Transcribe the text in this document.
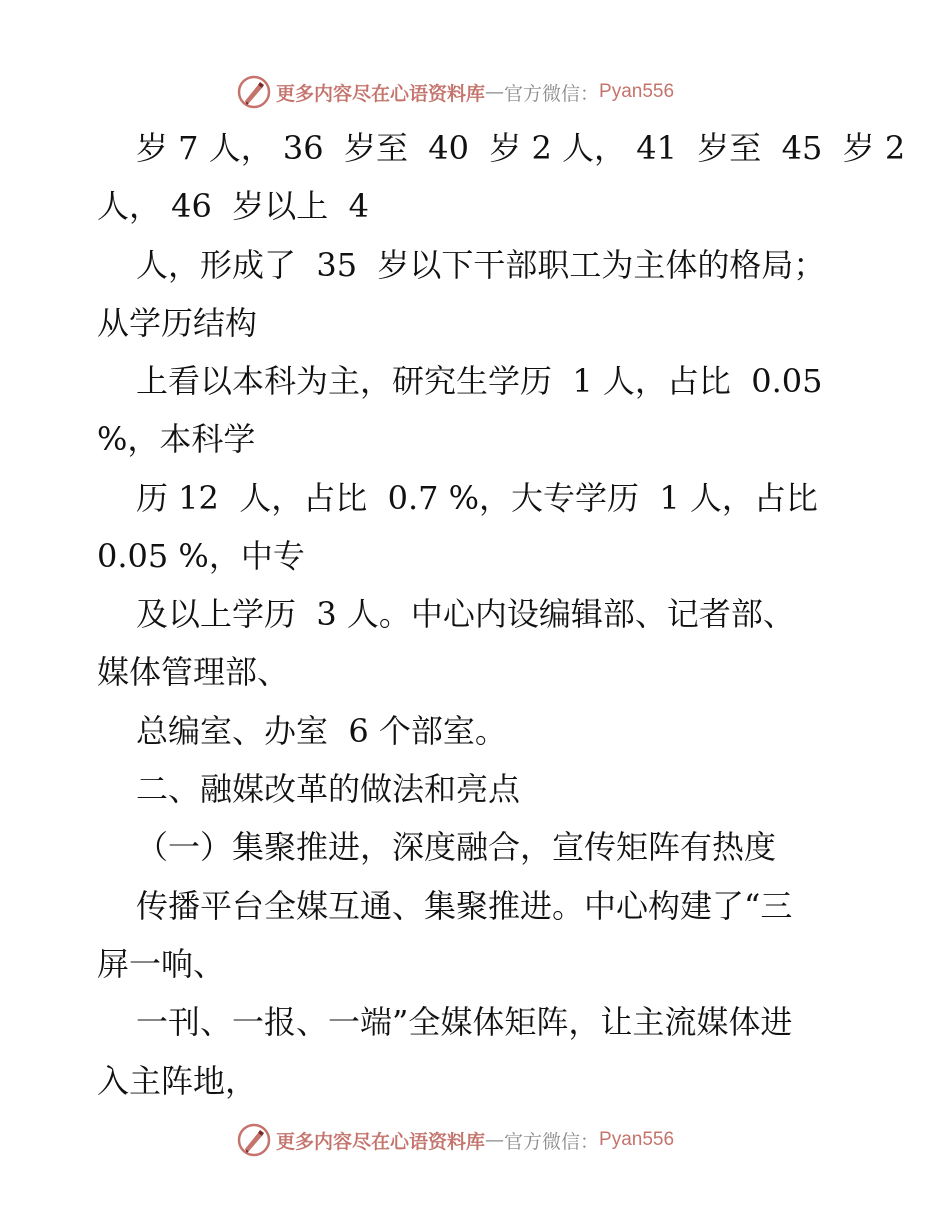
更多内容尽在心语资料库 — 官方微信： Pyan556
岁 7 人， 36  岁至  40  岁 2 人， 41  岁至  45  岁 2
人， 46  岁以上  4
人，形成了  35  岁以下干部职工为主体的格局；
从学历结构
上看以本科为主，研究生学历  1 人，占比  0.05
%，本科学
历 12  人，占比  0.7 %，大专学历  1 人，占比
0.05 %，中专
及以上学历  3 人。中心内设编辑部、记者部、
媒体管理部、
总编室、办室  6 个部室。
二、融媒改革的做法和亮点
（一）集聚推进，深度融合，宣传矩阵有热度
传播平台全媒互通、集聚推进。中心构建了“三
屏一响、
一刊、一报、一端”全媒体矩阵，让主流媒体进
入主阵地，
更多内容尽在心语资料库 — 官方微信： Pyan556
